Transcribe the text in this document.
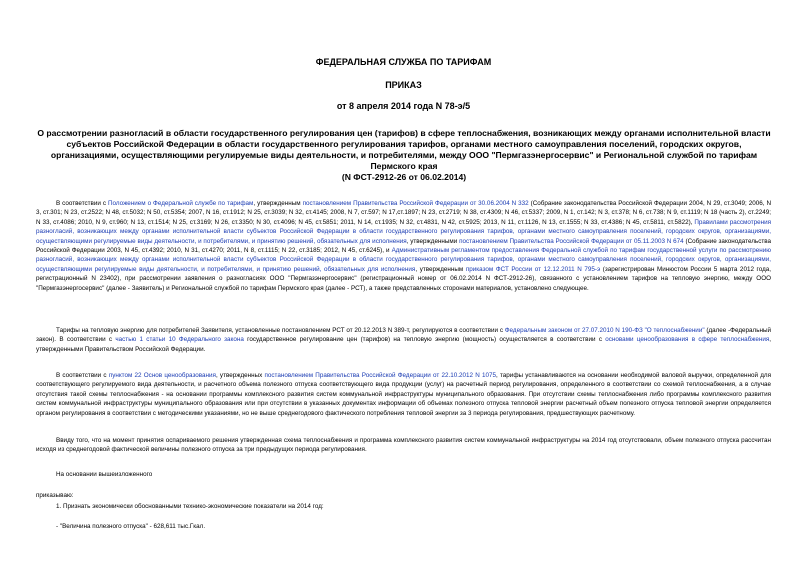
ФЕДЕРАЛЬНАЯ СЛУЖБА ПО ТАРИФАМ
ПРИКАЗ
от 8 апреля 2014 года N 78-э/5
О рассмотрении разногласий в области государственного регулирования цен (тарифов) в сфере теплоснабжения, возникающих между органами исполнительной власти субъектов Российской Федерации в области государственного регулирования тарифов, органами местного самоуправления поселений, городских округов, организациями, осуществляющими регулируемые виды деятельности, и потребителями, между ООО "Пермгазэнергосервис" и Региональной службой по тарифам Пермского края
(N ФСТ-2912-26 от 06.02.2014)
В соответствии с Положением о Федеральной службе по тарифам, утвержденным постановлением Правительства Российской Федерации от 30.06.2004 N 332 (Собрание законодательства Российской Федерации 2004, N 29, ст.3049; 2006, N 3, ст.301; N 23, ст.2522; N 48, ст.5032; N 50, ст.5354; 2007, N 16, ст.1912; N 25, ст.3039; N 32, ст.4145; 2008, N 7, ст.597; N 17,ст.1897; N 23, ст.2719; N 38, ст.4309; N 46, ст.5337; 2009, N 1, ст.142; N 3, ст.378; N 6, ст.738; N 9, ст.1119; N 18 (часть 2), ст.2249; N 33, ст.4086; 2010, N 9, ст.960; N 13, ст.1514; N 25, ст.3169; N 26, ст.3350; N 30, ст.4096; N 45, ст.5851; 2011, N 14, ст.1935; N 32, ст.4831, N 42, ст.5925; 2013, N 11, ст.1126, N 13, ст.1555; N 33, ст.4386; N 45, ст.5811, ст.5822), Правилами рассмотрения разногласий, возникающих между органами исполнительной власти субъектов Российской Федерации в области государственного регулирования тарифов, органами местного самоуправления поселений, городских округов, организациями, осуществляющими регулируемые виды деятельности, и потребителями, и принятию решений, обязательных для исполнения, утвержденными постановлением Правительства Российской Федерации от 05.11.2003 N 674 (Собрание законодательства Российской Федерации 2003, N 45, ст.4392; 2010, N 31, ст.4270; 2011, N 8, ст.1115; N 22, ст.3185; 2012, N 45, ст.6245), и Административным регламентом предоставления Федеральной службой по тарифам государственной услуги по рассмотрению разногласий, возникающих между органами исполнительной власти субъектов Российской Федерации в области государственного регулирования тарифов, органами местного самоуправления поселений, городских округов, организациями, осуществляющими регулируемые виды деятельности, и потребителями, и принятию решений, обязательных для исполнения, утвержденным приказом ФСТ России от 12.12.2011 N 795-э (зарегистрирован Минюстом России 5 марта 2012 года, регистрационный N 23402), при рассмотрении заявления о разногласиях ООО "Пермгазэнергосервис" (регистрационный номер от 06.02.2014 N ФСТ-2912-26), связанного с установлением тарифов на тепловую энергию, между ООО "Пермгазэнергосервис" (далее - Заявитель) и Региональной службой по тарифам Пермского края (далее - РСТ), а также представленных сторонами материалов, установлено следующее.
Тарифы на тепловую энергию для потребителей Заявителя, установленные постановлением РСТ от 20.12.2013 N 389-т, регулируются в соответствии с Федеральным законом от 27.07.2010 N 190-ФЗ "О теплоснабжении" (далее -Федеральный закон). В соответствии с частью 1 статьи 10 Федерального закона государственное регулирование цен (тарифов) на тепловую энергию (мощность) осуществляется в соответствии с основами ценообразования в сфере теплоснабжения, утвержденными Правительством Российской Федерации.
В соответствии с пунктом 22 Основ ценообразования, утвержденных постановлением Правительства Российской Федерации от 22.10.2012 N 1075, тарифы устанавливаются на основании необходимой валовой выручки, определенной для соответствующего регулируемого вида деятельности, и расчетного объема полезного отпуска соответствующего вида продукции (услуг) на расчетный период регулирования, определенного в соответствии со схемой теплоснабжения, а в случае отсутствия такой схемы теплоснабжения - на основании программы комплексного развития систем коммунальной инфраструктуры муниципального образования. При отсутствии схемы теплоснабжения либо программы комплексного развития систем коммунальной инфраструктуры муниципального образования или при отсутствии в указанных документах информации об объемах полезного отпуска тепловой энергии расчетный объем полезного отпуска тепловой энергии определяется органом регулирования в соответствии с методическими указаниями, но не выше среднегодового фактического потребления тепловой энергии за 3 периода регулирования, предшествующих расчетному.
Ввиду того, что на момент принятия оспариваемого решения утвержденная схема теплоснабжения и программа комплексного развития систем коммунальной инфраструктуры на 2014 год отсутствовали, объем полезного отпуска рассчитан исходя из среднегодовой фактической величины полезного отпуска за три предыдущих периода регулирования.
На основании вышеизложенного
приказываю:
1. Признать экономически обоснованными технико-экономические показатели на 2014 год:
- "Величина полезного отпуска" - 628,611 тыс.Гкал.
